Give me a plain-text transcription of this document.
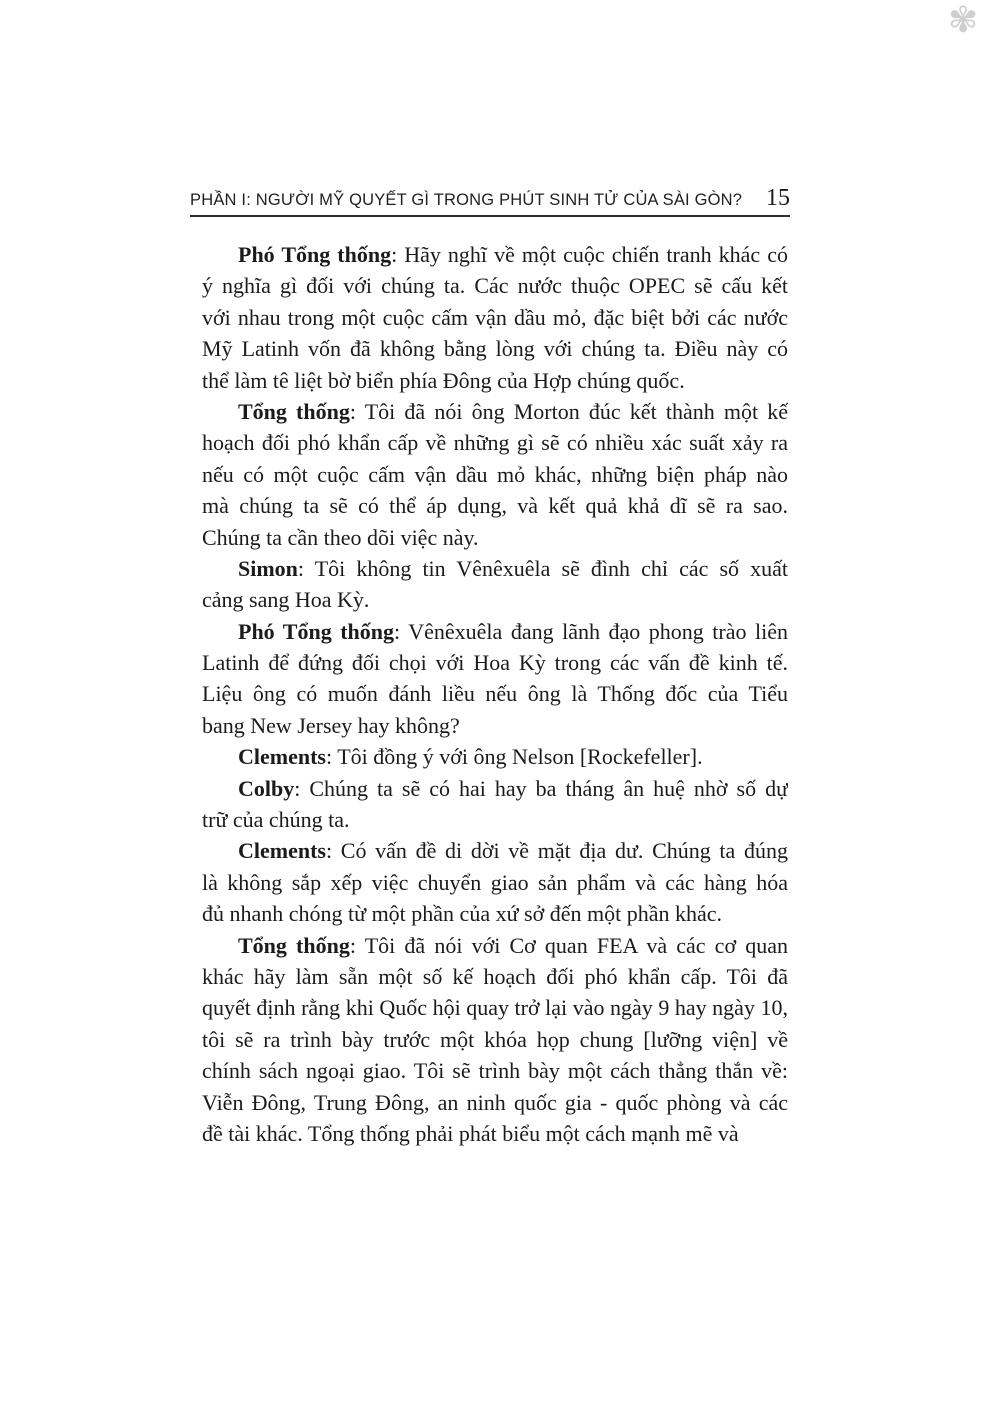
✾
PHẦN I: NGƯỜI MỸ QUYẾT GÌ TRONG PHÚT SINH TỬ CỦA SÀI GÒN? 15
Phó Tổng thống: Hãy nghĩ về một cuộc chiến tranh khác có
ý nghĩa gì đối với chúng ta. Các nước thuộc OPEC sẽ cấu kết
với nhau trong một cuộc cấm vận dầu mỏ, đặc biệt bởi các nước
Mỹ Latinh vốn đã không bằng lòng với chúng ta. Điều này có
thể làm tê liệt bờ biển phía Đông của Hợp chúng quốc.
Tổng thống: Tôi đã nói ông Morton đúc kết thành một kế
hoạch đối phó khẩn cấp về những gì sẽ có nhiều xác suất xảy ra
nếu có một cuộc cấm vận dầu mỏ khác, những biện pháp nào
mà chúng ta sẽ có thể áp dụng, và kết quả khả dĩ sẽ ra sao.
Chúng ta cần theo dõi việc này.
Simon: Tôi không tin Vênêxuêla sẽ đình chỉ các số xuất
cảng sang Hoa Kỳ.
Phó Tổng thống: Vênêxuêla đang lãnh đạo phong trào liên
Latinh để đứng đối chọi với Hoa Kỳ trong các vấn đề kinh tế.
Liệu ông có muốn đánh liều nếu ông là Thống đốc của Tiểu
bang New Jersey hay không?
Clements: Tôi đồng ý với ông Nelson [Rockefeller].
Colby: Chúng ta sẽ có hai hay ba tháng ân huệ nhờ số dự
trữ của chúng ta.
Clements: Có vấn đề di dời về mặt địa dư. Chúng ta đúng
là không sắp xếp việc chuyển giao sản phẩm và các hàng hóa
đủ nhanh chóng từ một phần của xứ sở đến một phần khác.
Tổng thống: Tôi đã nói với Cơ quan FEA và các cơ quan
khác hãy làm sẵn một số kế hoạch đối phó khẩn cấp. Tôi đã
quyết định rằng khi Quốc hội quay trở lại vào ngày 9 hay ngày 10,
tôi sẽ ra trình bày trước một khóa họp chung [lưỡng viện] về
chính sách ngoại giao. Tôi sẽ trình bày một cách thẳng thắn về:
Viễn Đông, Trung Đông, an ninh quốc gia - quốc phòng và các
đề tài khác. Tổng thống phải phát biểu một cách mạnh mẽ và
